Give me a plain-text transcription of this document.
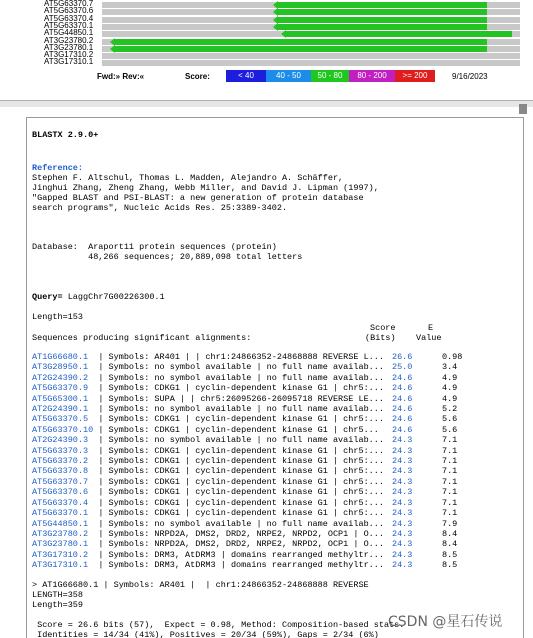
AT5G63370.7
AT5G63370.6
AT5G63370.4
AT5G63370.1
AT5G44850.1
AT3G23780.2
AT3G23780.1
AT3G17310.2
AT3G17310.1
Fwd:» Rev:«	Score:	< 40	40 - 50	50 - 80	80 - 200	>= 200	9/16/2023

BLASTX 2.9.0+

Reference:

Stephen F. Altschul, Thomas L. Madden, Alejandro A. Schäffer,

Jinghui Zhang, Zheng Zhang, Webb Miller, and David J. Lipman (1997),

"Gapped BLAST and PSI-BLAST: a new generation of protein database

search programs", Nucleic Acids Res. 25:3389-3402.

Database:  Araport11 protein sequences (protein)

48,266 sequences; 20,889,098 total letters

Query= LaggChr7G00226300.1

Length=153

Score

	E

Sequences producing significant alignments:

	(Bits)

Value

AT1G66680.1	| Symbols: AR401 | | chr1:24866352-24868888 REVERSE L...	26.6	0.98
AT3G28950.1	| Symbols: no symbol available | no full name availab...	25.0	3.4
AT2G24390.2	| Symbols: no symbol available | no full name availab...	24.6	4.9
AT5G63370.9	| Symbols: CDKG1 | cyclin-dependent kinase G1 | chr5:...	24.6	4.9
AT5G65300.1	| Symbols: SUPA | | chr5:26095266-26095718 REVERSE LE...	24.6	4.9
AT2G24390.1	| Symbols: no symbol available | no full name availab...	24.6	5.2
AT5G63370.5	| Symbols: CDKG1 | cyclin-dependent kinase G1 | chr5:...	24.6	5.6
AT5G63370.10	| Symbols: CDKG1 | cyclin-dependent kinase G1 | chr5...	24.6	5.6
AT2G24390.3	| Symbols: no symbol available | no full name availab...	24.3	7.1
AT5G63370.3	| Symbols: CDKG1 | cyclin-dependent kinase G1 | chr5:...	24.3	7.1
AT5G63370.2	| Symbols: CDKG1 | cyclin-dependent kinase G1 | chr5:...	24.3	7.1
AT5G63370.8	| Symbols: CDKG1 | cyclin-dependent kinase G1 | chr5:...	24.3	7.1
AT5G63370.7	| Symbols: CDKG1 | cyclin-dependent kinase G1 | chr5:...	24.3	7.1
AT5G63370.6	| Symbols: CDKG1 | cyclin-dependent kinase G1 | chr5:...	24.3	7.1
AT5G63370.4	| Symbols: CDKG1 | cyclin-dependent kinase G1 | chr5:...	24.3	7.1
AT5G63370.1	| Symbols: CDKG1 | cyclin-dependent kinase G1 | chr5:...	24.3	7.1
AT5G44850.1	| Symbols: no symbol available | no full name availab...	24.3	7.9
AT3G23780.2	| Symbols: NRPD2A, DMS2, DRD2, NRPE2, NRPD2, OCP1 | O...	24.3	8.4
AT3G23780.1	| Symbols: NRPD2A, DMS2, DRD2, NRPE2, NRPD2, OCP1 | O...	24.3	8.4
AT3G17310.2	| Symbols: DRM3, AtDRM3 | domains rearranged methyltr...	24.3	8.5
AT3G17310.1	| Symbols: DRM3, AtDRM3 | domains rearranged methyltr...	24.3	8.5

> AT1G66680.1 | Symbols: AR401 |  | chr1:24866352-24868888 REVERSE

LENGTH=358

Length=359

Score = 26.6 bits (57),  Expect = 0.98, Method: Composition-based stats.

Identities = 14/34 (41%), Positives = 20/34 (59%), Gaps = 2/34 (6%)

CSDN @星石传说
